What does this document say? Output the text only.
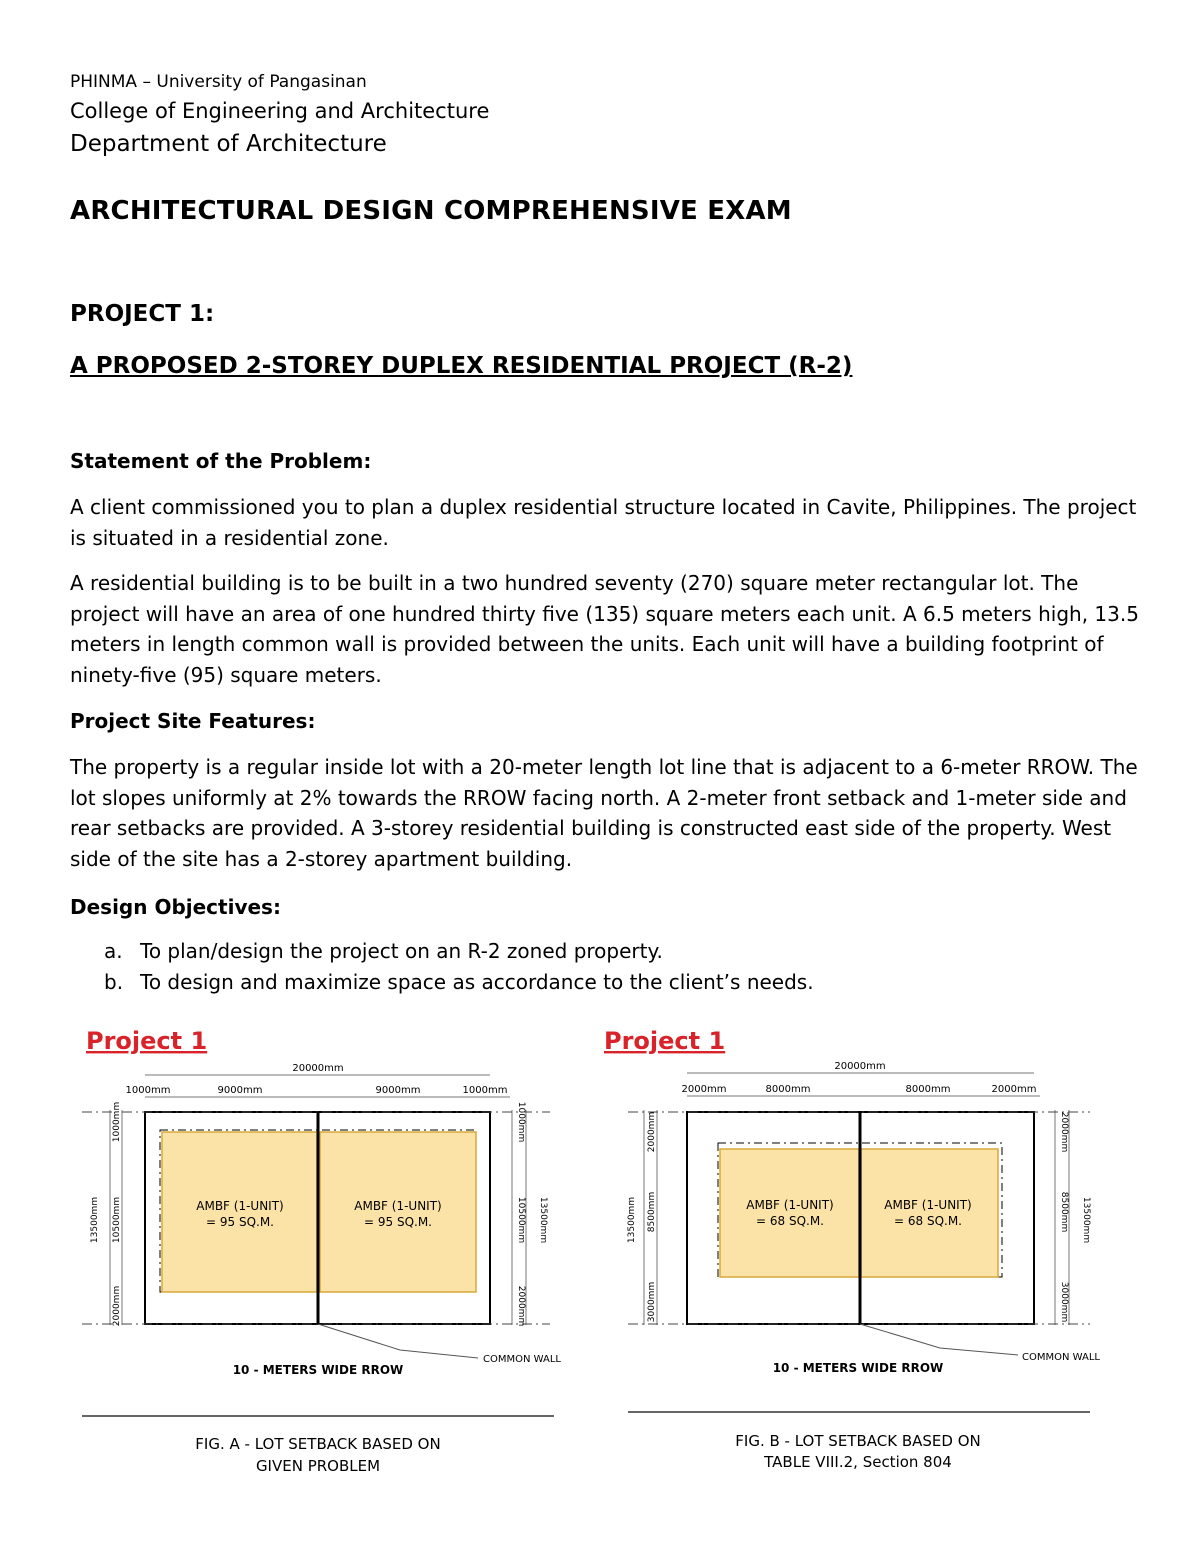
PHINMA – University of Pangasinan
College of Engineering and Architecture
Department of Architecture
ARCHITECTURAL DESIGN COMPREHENSIVE EXAM
PROJECT 1:
A PROPOSED 2-STOREY DUPLEX RESIDENTIAL PROJECT (R-2)
Statement of the Problem:
A client commissioned you to plan a duplex residential structure located in Cavite, Philippines. The project is situated in a residential zone.
A residential building is to be built in a two hundred seventy (270) square meter rectangular lot. The project will have an area of one hundred thirty five (135) square meters each unit. A 6.5 meters high, 13.5 meters in length common wall is provided between the units. Each unit will have a building footprint of ninety-five (95) square meters.
Project Site Features:
The property is a regular inside lot with a 20-meter length lot line that is adjacent to a 6-meter RROW. The lot slopes uniformly at 2% towards the RROW facing north. A 2-meter front setback and 1-meter side and rear setbacks are provided. A 3-storey residential building is constructed east side of the property. West side of the site has a 2-storey apartment building.
Design Objectives:
a. To plan/design the project on an R-2 zoned property.
b. To design and maximize space as accordance to the client’s needs.
Project 1
20000mm
1000mm	9000mm	9000mm	1000mm
1000mm
10500mm
2000mm
13500mm
1000mm
10500mm
2000mm
13500mm
AMBF (1-UNIT)
= 95 SQ.M.
AMBF (1-UNIT)
= 95 SQ.M.
COMMON WALL
10 - METERS WIDE RROW
FIG. A - LOT SETBACK BASED ON
GIVEN PROBLEM
Project 1
20000mm
2000mm	8000mm	8000mm	2000mm
2000mm
8500mm
3000mm
13500mm
2000mm
8500mm
3000mm
13500mm
AMBF (1-UNIT)
= 68 SQ.M.
AMBF (1-UNIT)
= 68 SQ.M.
COMMON WALL
10 - METERS WIDE RROW
FIG. B - LOT SETBACK BASED ON
TABLE VIII.2, Section 804
